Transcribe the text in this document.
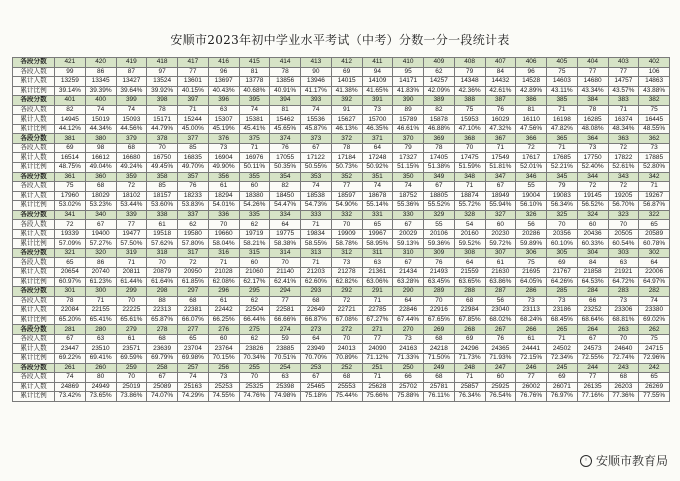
安顺市2023年初中学业水平考试（中考）分数一分一段统计表
各段分数	421	420	419	418	417	416	415	414	413	412	411	410	409	408	407	406	405	404	403	402
各段人数	99	86	87	97	77	96	81	78	90	69	94	95	62	79	84	96	75	77	77	106
累计人数	13259	13345	13427	13524	13601	13697	13778	13856	13946	14015	14109	14171	14257	14348	14432	14528	14603	14680	14757	14863
累计比例	39.14%	39.39%	39.64%	39.92%	40.15%	40.43%	40.68%	40.91%	41.17%	41.38%	41.65%	41.83%	42.09%	42.36%	42.61%	42.89%	43.11%	43.34%	43.57%	43.88%
各段分数	401	400	399	398	397	396	395	394	393	392	391	390	389	388	387	386	385	384	383	382
各段人数	82	74	74	78	71	63	74	81	74	91	73	89	82	75	76	81	71	78	71	75
累计人数	14945	15019	15093	15171	15244	15307	15381	15462	15536	15627	15700	15789	15878	15953	16029	16110	16198	16285	16374	16445
累计比例	44.12%	44.34%	44.56%	44.79%	45.00%	45.19%	45.41%	45.65%	45.87%	46.13%	46.35%	46.61%	46.88%	47.10%	47.32%	47.56%	47.82%	48.08%	48.34%	48.55%
各段分数	381	380	379	378	377	376	375	374	373	372	371	370	369	368	367	366	365	364	363	362
各段人数	69	98	68	70	85	73	71	76	67	78	64	79	78	70	71	72	71	73	72	73
累计人数	16514	16612	16680	16750	16835	16904	16976	17055	17122	17184	17248	17327	17405	17475	17549	17617	17685	17750	17822	17885
累计比例	48.75%	49.04%	49.24%	49.45%	49.70%	49.90%	50.11%	50.35%	50.55%	50.73%	50.92%	51.15%	51.38%	51.59%	51.81%	52.01%	52.21%	52.40%	52.61%	52.80%
各段分数	361	360	359	358	357	356	355	354	353	352	351	350	349	348	347	346	345	344	343	342
各段人数	75	68	72	85	76	61	60	82	74	77	74	74	67	71	67	55	79	72	72	71
累计人数	17960	18029	18102	18157	18233	18294	18380	18450	18538	18597	18678	18752	18805	18874	18949	19004	19083	19145	19205	19267
累计比例	53.02%	53.23%	53.44%	53.60%	53.83%	54.01%	54.26%	54.47%	54.73%	54.90%	55.14%	55.36%	55.52%	55.72%	55.94%	56.10%	56.34%	56.52%	56.70%	56.87%
各段分数	341	340	339	338	337	336	335	334	333	332	331	330	329	328	327	326	325	324	323	322
各段人数	72	67	77	61	62	70	62	64	71	70	65	67	55	54	60	56	70	60	70	65
累计人数	19339	19400	19477	19518	19580	19660	19719	19775	19834	19909	19967	20029	20106	20160	20230	20286	20356	20436	20505	20589
累计比例	57.09%	57.27%	57.50%	57.62%	57.80%	58.04%	58.21%	58.38%	58.55%	58.78%	58.95%	59.13%	59.36%	59.52%	59.72%	59.89%	60.10%	60.33%	60.54%	60.78%
各段分数	321	320	319	318	317	316	315	314	313	312	311	310	309	308	307	306	305	304	303	302
各段人数	65	86	71	70	72	71	60	70	71	73	63	67	76	64	61	75	69	84	63	64
累计人数	20654	20740	20811	20879	20950	21028	21060	21140	21203	21278	21361	21434	21493	21559	21630	21695	21767	21858	21921	22006
累计比例	60.97%	61.23%	61.44%	61.64%	61.85%	62.08%	62.17%	62.41%	62.60%	62.82%	63.06%	63.28%	63.45%	63.65%	63.86%	64.05%	64.26%	64.53%	64.72%	64.97%
各段分数	301	300	299	298	297	296	295	294	293	292	291	290	289	288	287	286	285	284	283	282
各段人数	78	71	70	88	68	61	62	77	68	72	71	64	70	68	56	73	73	66	73	74
累计人数	22084	22155	22225	22313	22381	22442	22504	22581	22649	22721	22785	22846	22916	22984	23040	23113	23186	23252	23306	23380
累计比例	65.20%	65.41%	65.61%	65.87%	66.07%	66.25%	66.44%	66.66%	66.87%	67.08%	67.27%	67.44%	67.65%	67.85%	68.02%	68.24%	68.45%	68.64%	68.81%	69.02%
各段分数	281	280	279	278	277	276	275	274	273	272	271	270	269	268	267	266	265	264	263	262
各段人数	67	63	61	68	65	60	62	59	64	70	77	73	68	69	76	61	71	67	70	75
累计人数	23447	23510	23571	23639	23704	23764	23826	23885	23949	24013	24090	24163	24218	24296	24365	24441	24502	24573	24640	24715
累计比例	69.22%	69.41%	69.59%	69.79%	69.98%	70.15%	70.34%	70.51%	70.70%	70.89%	71.12%	71.33%	71.50%	71.73%	71.93%	72.15%	72.34%	72.55%	72.74%	72.96%
各段分数	261	260	259	258	257	256	255	254	253	252	251	250	249	248	247	246	245	244	243	242
各段人数	74	80	70	67	74	73	70	63	67	68	71	66	68	71	60	77	69	77	68	65
累计人数	24869	24949	25019	25089	25163	25253	25325	25398	25465	25553	25628	25702	25781	25857	25925	26002	26071	26135	26203	26269
累计比例	73.42%	73.65%	73.86%	74.07%	74.29%	74.55%	74.76%	74.98%	75.18%	75.44%	75.66%	75.88%	76.11%	76.34%	76.54%	76.76%	76.97%	77.16%	77.36%	77.55%
◦ 安顺市教育局
